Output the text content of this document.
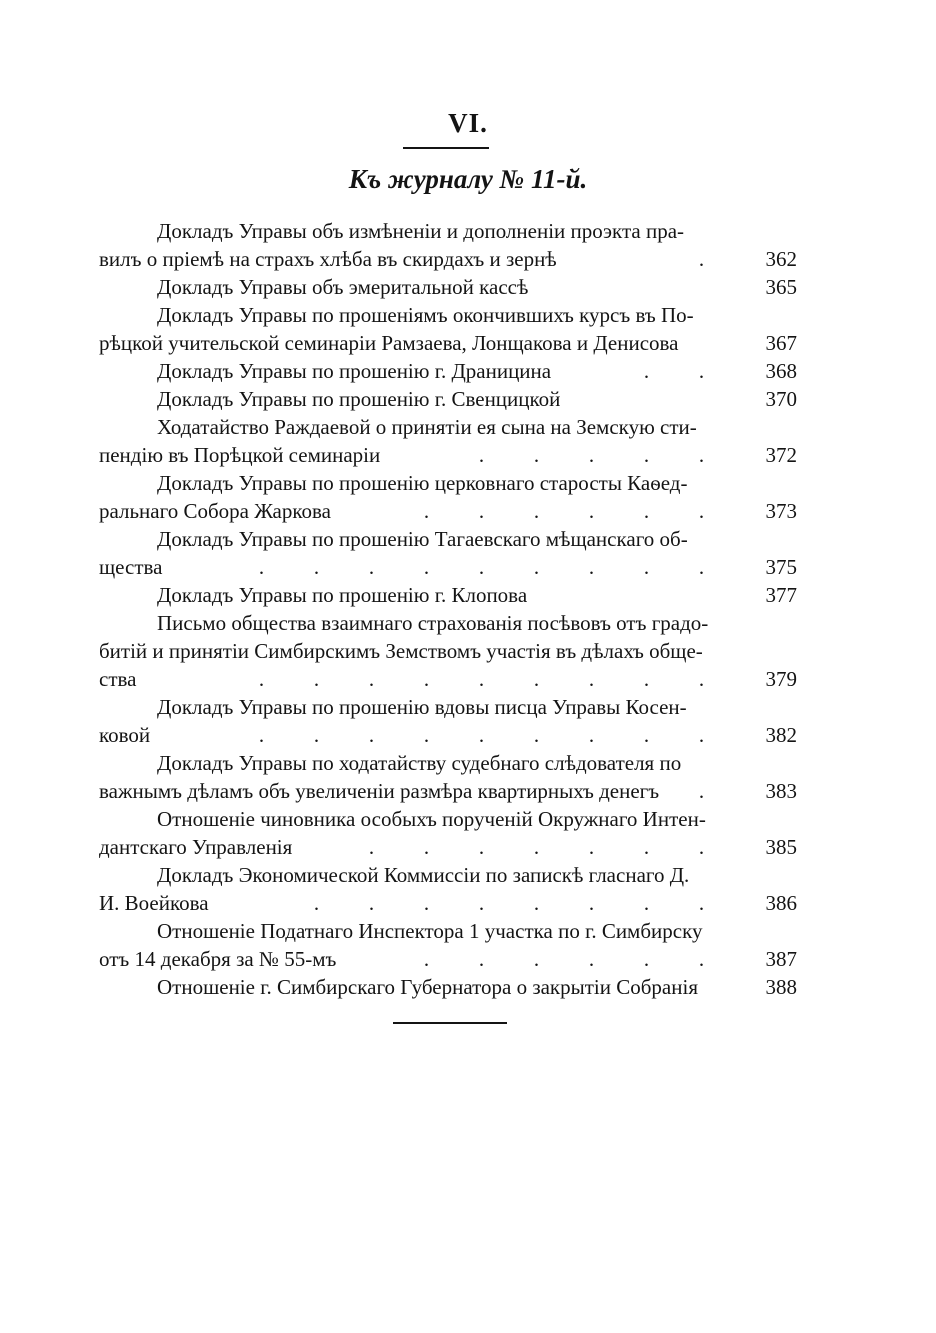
VI.
Къ журналу № 11-й.
Докладъ Управы объ измѣненіи и дополненіи проэкта пра-
вилъ о пріемѣ на страхъ хлѣба въ скирдахъ и зернѣ	.	362
Докладъ Управы объ эмеритальной кассѣ	365
Докладъ Управы по прошеніямъ окончившихъ курсъ въ По-
рѣцкой учительской семинаріи Рамзаева, Лонщакова и Денисова	367
Докладъ Управы по прошенію г. Драницина	. .	368
Докладъ Управы по прошенію г. Свенцицкой	370
Ходатайство Раждаевой о принятіи ея сына на Земскую сти-
пендію въ Порѣцкой семинаріи	. . . . .	372
Докладъ Управы по прошенію церковнаго старосты Каѳед-
ральнаго Собора Жаркова	. . . . . .	373
Докладъ Управы по прошенію Тагаевскаго мѣщанскаго об-
щества	. . . . . . . . .	375
Докладъ Управы по прошенію г. Клопова	377
Письмо общества взаимнаго страхованія посѣвовъ отъ градо-
битій и принятіи Симбирскимъ Земствомъ участія въ дѣлахъ обще-
ства	. . . . . . . . .	379
Докладъ Управы по прошенію вдовы писца Управы Косен-
ковой	. . . . . . . . .	382
Докладъ Управы по ходатайству судебнаго слѣдователя по
важнымъ дѣламъ объ увеличеніи размѣра квартирныхъ денегъ	.	383
Отношеніе чиновника особыхъ порученій Окружнаго Интен-
дантскаго Управленія	. . . . . . .	385
Докладъ Экономической Коммиссіи по запискѣ гласнаго Д.
И. Воейкова	. . . . . . . .	386
Отношеніе Податнаго Инспектора 1 участка по г. Симбирску
отъ 14 декабря за № 55-мъ	. . . . . .	387
Отношеніе г. Симбирскаго Губернатора о закрытіи Собранія	388
